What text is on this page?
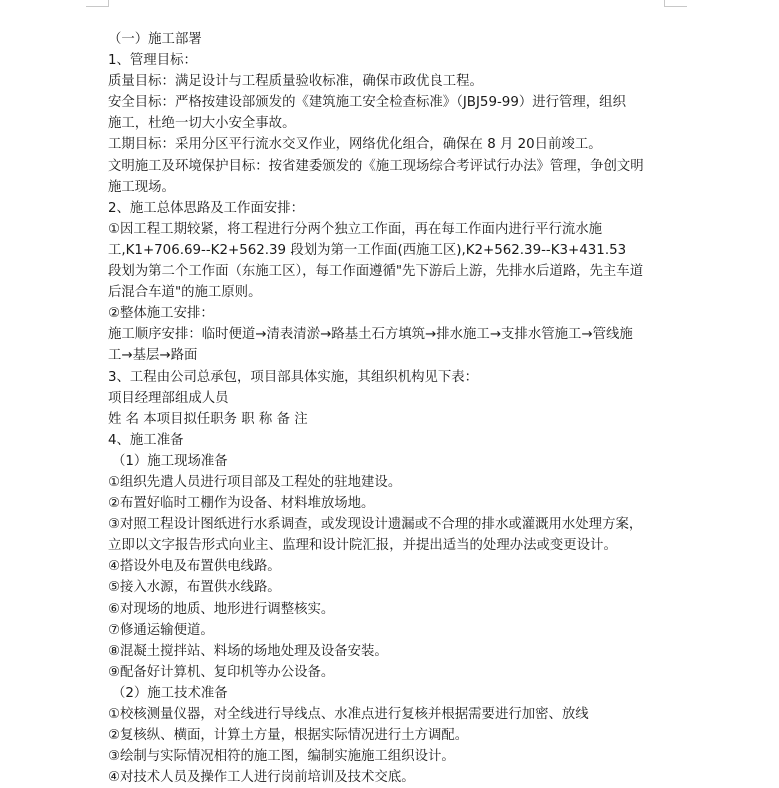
（一）施工部署
1、管理目标：
质量目标：满足设计与工程质量验收标准，确保市政优良工程。
安全目标：严格按建设部颁发的《建筑施工安全检查标准》（JBJ59-99）进行管理，组织
施工，杜绝一切大小安全事故。
工期目标：采用分区平行流水交叉作业，网络优化组合，确保在 8 月 20日前竣工。
文明施工及环境保护目标：按省建委颁发的《施工现场综合考评试行办法》管理，争创文明
施工现场。
2、施工总体思路及工作面安排：
①因工程工期较紧，将工程进行分两个独立工作面，再在每工作面内进行平行流水施
工,K1+706.69--K2+562.39 段划为第一工作面(西施工区),K2+562.39--K3+431.53
段划为第二个工作面（东施工区），每工作面遵循"先下游后上游，先排水后道路，先主车道
后混合车道"的施工原则。
②整体施工安排：
施工顺序安排：临时便道→清表清淤→路基土石方填筑→排水施工→支排水管施工→管线施
工→基层→路面
3、工程由公司总承包，项目部具体实施，其组织机构见下表：
项目经理部组成人员
姓 名 本项目拟任职务 职 称 备 注
4、施工准备
（1）施工现场准备
①组织先遣人员进行项目部及工程处的驻地建设。
②布置好临时工棚作为设备、材料堆放场地。
③对照工程设计图纸进行水系调查，或发现设计遗漏或不合理的排水或灌溉用水处理方案，
立即以文字报告形式向业主、监理和设计院汇报，并提出适当的处理办法或变更设计。
④搭设外电及布置供电线路。
⑤接入水源，布置供水线路。
⑥对现场的地质、地形进行调整核实。
⑦修通运输便道。
⑧混凝土搅拌站、料场的场地处理及设备安装。
⑨配备好计算机、复印机等办公设备。
（2）施工技术准备
①校核测量仪器，对全线进行导线点、水准点进行复核并根据需要进行加密、放线
②复核纵、横面，计算土方量，根据实际情况进行土方调配。
③绘制与实际情况相符的施工图，编制实施施工组织设计。
④对技术人员及操作工人进行岗前培训及技术交底。
